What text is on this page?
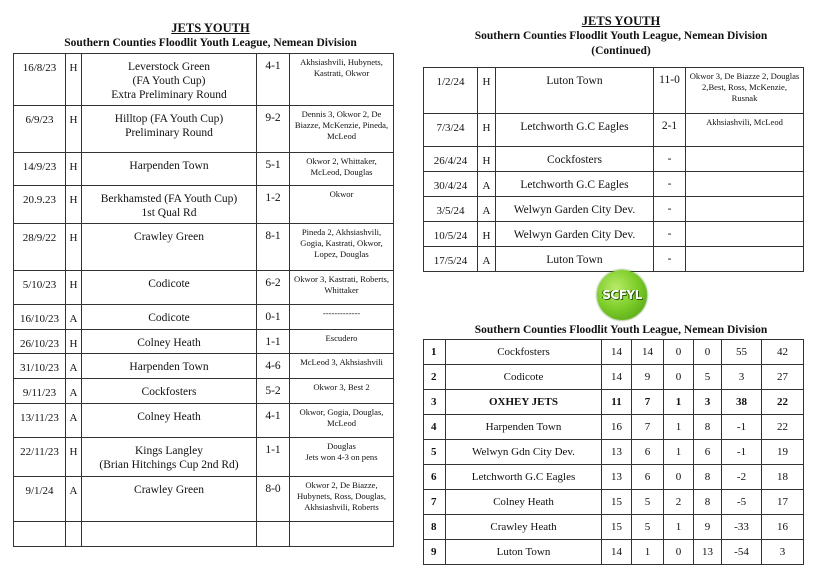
JETS YOUTH
Southern Counties Floodlit Youth League, Nemean Division
16/8/23	H	Leverstock Green
(FA Youth Cup)
Extra Preliminary Round	4-1	Akhsiashvili, Hubynets, Kastrati, Okwor
6/9/23	H	Hilltop (FA Youth Cup)
Preliminary Round	9-2	Dennis 3, Okwor 2, De Biazze, McKenzie, Pineda, McLeod
14/9/23	H	Harpenden Town	5-1	Okwor 2, Whittaker, McLeod, Douglas
20.9.23	H	Berkhamsted (FA Youth Cup)
1st Qual Rd	1-2	Okwor
28/9/22	H	Crawley Green	8-1	Pineda 2, Akhsiashvili, Gogia, Kastrati, Okwor, Lopez, Douglas
5/10/23	H	Codicote	6-2	Okwor 3, Kastrati, Roberts, Whittaker
16/10/23	A	Codicote	0-1	-------------
26/10/23	H	Colney Heath	1-1	Escudero
31/10/23	A	Harpenden Town	4-6	McLeod 3, Akhsiashvili
9/11/23	A	Cockfosters	5-2	Okwor 3, Best 2
13/11/23	A	Colney Heath	4-1	Okwor, Gogia, Douglas, McLeod
22/11/23	H	Kings Langley
(Brian Hitchings Cup 2nd Rd)	1-1	Douglas
Jets won 4-3 on pens
9/1/24	A	Crawley Green	8-0	Okwor 2, De Biazze, Hubynets, Ross, Douglas, Akhsiashvili, Roberts

JETS YOUTH
Southern Counties Floodlit Youth League, Nemean Division
(Continued)
1/2/24	H	Luton Town	11-0	Okwor 3, De Biazze 2, Douglas 2,Best, Ross, McKenzie, Rusnak
7/3/24	H	Letchworth G.C Eagles	2-1	Akhsiashvili, McLeod
26/4/24	H	Cockfosters	-	
30/4/24	A	Letchworth G.C Eagles	-	
3/5/24	A	Welwyn Garden City Dev.	-	
10/5/24	H	Welwyn Garden City Dev.	-	
17/5/24	A	Luton Town	-	
SCFYL
Southern Counties Floodlit Youth League, Nemean Division
1	Cockfosters	14	14	0	0	55	42
2	Codicote	14	9	0	5	3	27
3	OXHEY JETS	11	7	1	3	38	22
4	Harpenden Town	16	7	1	8	-1	22
5	Welwyn Gdn City Dev.	13	6	1	6	-1	19
6	Letchworth G.C Eagles	13	6	0	8	-2	18
7	Colney Heath	15	5	2	8	-5	17
8	Crawley Heath	15	5	1	9	-33	16
9	Luton Town	14	1	0	13	-54	3
